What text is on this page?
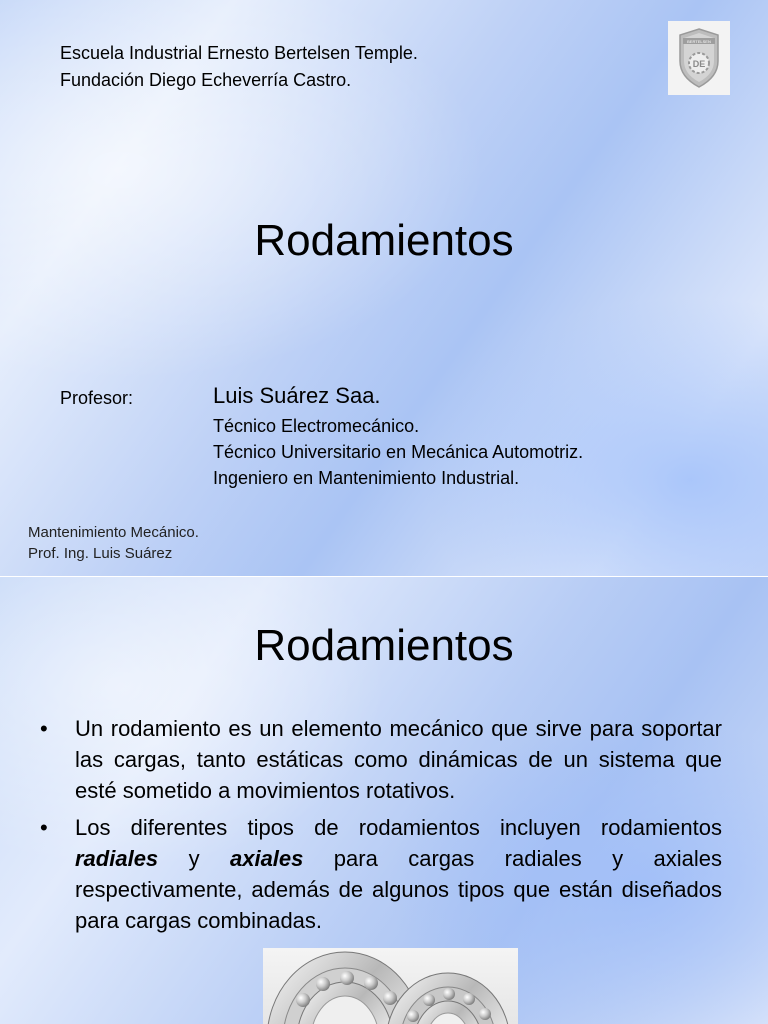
Escuela Industrial Ernesto Bertelsen Temple.
Fundación Diego Echeverría Castro.
BERTELSEN
DE
Rodamientos
Profesor:	Luis Suárez Saa.
Técnico Electromecánico.
Técnico Universitario en Mecánica Automotriz.
Ingeniero en Mantenimiento Industrial.
Mantenimiento Mecánico.
Prof. Ing. Luis Suárez
Rodamientos
• Un rodamiento es un elemento mecánico que sirve para soportar las cargas, tanto estáticas como dinámicas de un sistema que esté sometido a movimientos rotativos.
• Los diferentes tipos de rodamientos incluyen rodamientos radiales y axiales para cargas radiales y axiales respectivamente, además de algunos tipos que están diseñados para cargas combinadas.
